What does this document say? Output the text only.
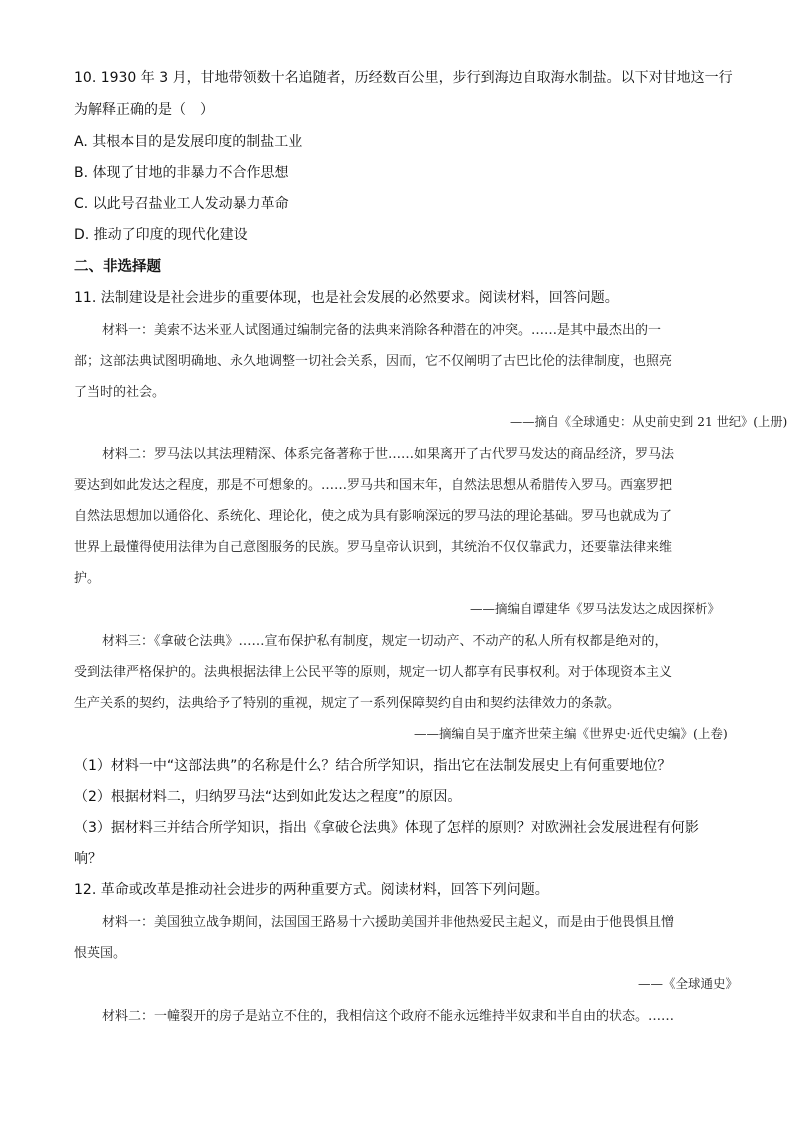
10. 1930 年 3 月，甘地带领数十名追随者，历经数百公里，步行到海边自取海水制盐。以下对甘地这一行
为解释正确的是（　）
A. 其根本目的是发展印度的制盐工业
B. 体现了甘地的非暴力不合作思想
C. 以此号召盐业工人发动暴力革命
D. 推动了印度的现代化建设
二、非选择题
11. 法制建设是社会进步的重要体现，也是社会发展的必然要求。阅读材料，回答问题。
材料一：美索不达米亚人试图通过编制完备的法典来消除各种潜在的冲突。……是其中最杰出的一
部；这部法典试图明确地、永久地调整一切社会关系，因而，它不仅阐明了古巴比伦的法律制度，也照亮
了当时的社会。
——摘自《全球通史：从史前史到 21 世纪》(上册)
材料二：罗马法以其法理精深、体系完备著称于世……如果离开了古代罗马发达的商品经济，罗马法
要达到如此发达之程度，那是不可想象的。……罗马共和国末年，自然法思想从希腊传入罗马。西塞罗把
自然法思想加以通俗化、系统化、理论化，使之成为具有影响深远的罗马法的理论基础。罗马也就成为了
世界上最懂得使用法律为自己意图服务的民族。罗马皇帝认识到，其统治不仅仅靠武力，还要靠法律来维
护。
——摘编自谭建华《罗马法发达之成因探析》
材料三：《拿破仑法典》……宣布保护私有制度，规定一切动产、不动产的私人所有权都是绝对的，
受到法律严格保护的。法典根据法律上公民平等的原则，规定一切人都享有民事权利。对于体现资本主义
生产关系的契约，法典给予了特别的重视，规定了一系列保障契约自由和契约法律效力的条款。
——摘编自吴于廑齐世荣主编《世界史·近代史编》(上卷)
（1）材料一中“这部法典”的名称是什么？结合所学知识，指出它在法制发展史上有何重要地位？
（2）根据材料二，归纳罗马法“达到如此发达之程度”的原因。
（3）据材料三并结合所学知识，指出《拿破仑法典》体现了怎样的原则？对欧洲社会发展进程有何影
响？
12. 革命或改革是推动社会进步的两种重要方式。阅读材料，回答下列问题。
材料一：美国独立战争期间，法国国王路易十六援助美国并非他热爱民主起义，而是由于他畏惧且憎
恨英国。
——《全球通史》
材料二：一幢裂开的房子是站立不住的，我相信这个政府不能永远维持半奴隶和半自由的状态。……
